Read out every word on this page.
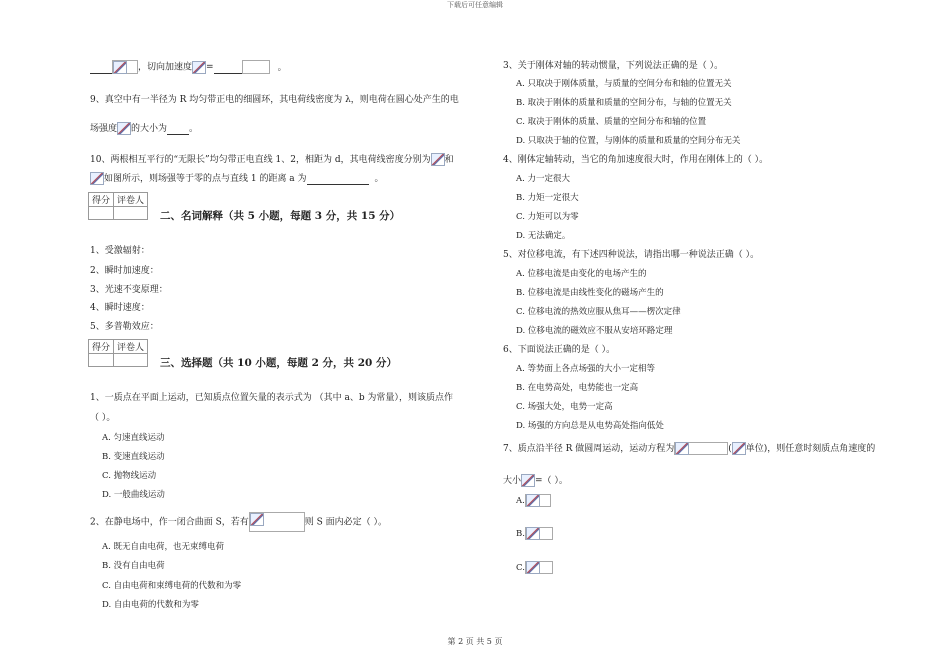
下载后可任意编辑
，切向加速度 =	。
9、真空中有一半径为 R 均匀带正电的细圆环，其电荷线密度为 λ，则电荷在圆心处产生的电
场强度 的大小为 。
10、两根相互平行的“无限长”均匀带正电直线 1、2，相距为 d，其电荷线密度分别为 和
如图所示，则场强等于零的点与直线 1 的距离 a 为	。
得分	评卷人

二、名词解释（共 5 小题，每题 3 分，共 15 分）
1、受激辐射：
2、瞬时加速度：
3、光速不变原理：
4、瞬时速度：
5、多普勒效应：
得分	评卷人

三、选择题（共 10 小题，每题 2 分，共 20 分）
1、一质点在平面上运动，已知质点位置矢量的表示式为 （其中 a、b 为常量），则该质点作
（ ）。
A. 匀速直线运动
B. 变速直线运动
C. 抛物线运动
D. 一般曲线运动
2、在静电场中，作一闭合曲面 S，若有	则 S 面内必定（ ）。
A. 既无自由电荷，也无束缚电荷
B. 没有自由电荷
C. 自由电荷和束缚电荷的代数和为零
D. 自由电荷的代数和为零
3、关于刚体对轴的转动惯量，下列说法正确的是（ ）。
A. 只取决于刚体质量，与质量的空间分布和轴的位置无关
B. 取决于刚体的质量和质量的空间分布，与轴的位置无关
C. 取决于刚体的质量、质量的空间分布和轴的位置
D. 只取决于轴的位置，与刚体的质量和质量的空间分布无关
4、刚体定轴转动，当它的角加速度很大时，作用在刚体上的（ ）。
A. 力一定很大
B. 力矩一定很大
C. 力矩可以为零
D. 无法确定。
5、对位移电流，有下述四种说法，请指出哪一种说法正确（ ）。
A. 位移电流是由变化的电场产生的
B. 位移电流是由线性变化的磁场产生的
C. 位移电流的热效应服从焦耳——楞次定律
D. 位移电流的磁效应不服从安培环路定理
6、下面说法正确的是（ ）。
A. 等势面上各点场强的大小一定相等
B. 在电势高处，电势能也一定高
C. 场强大处，电势一定高
D. 场强的方向总是从电势高处指向低处
7、质点沿半径 R 做圆周运动，运动方程为	( 单位)，则任意时刻质点角速度的
大小 =（ ）。
A.
B.
C.
第 2 页 共 5 页
